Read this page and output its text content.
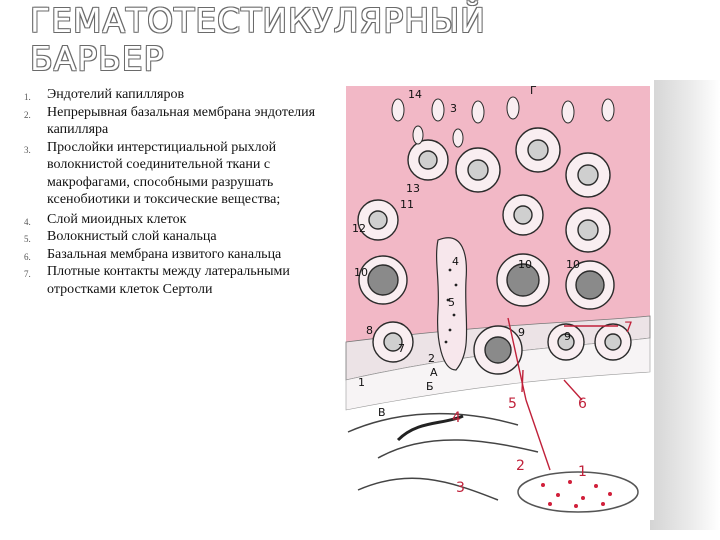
ГЕМАТОТЕСТИКУЛЯРНЫЙ
БАРЬЕР
1. Эндотелий капилляров
2. Непрерывная базальная мембрана эндотелия капилляра
3. Прослойки интерстициальной рыхлой волокнистой соединительной ткани с макрофагами, способными разрушать ксенобиотики и токсические вещества;
4. Слой миоидных клеток
5. Волокнистый слой канальца
6. Базальная мембрана извитого канальца
7. Плотные контакты между латеральными отростками клеток Сертоли
14
3
Г
13
11
12
4
5
10
10	10
8
7
2
9	9
1	Б
В
А
7
5	6
4
2
3
1
